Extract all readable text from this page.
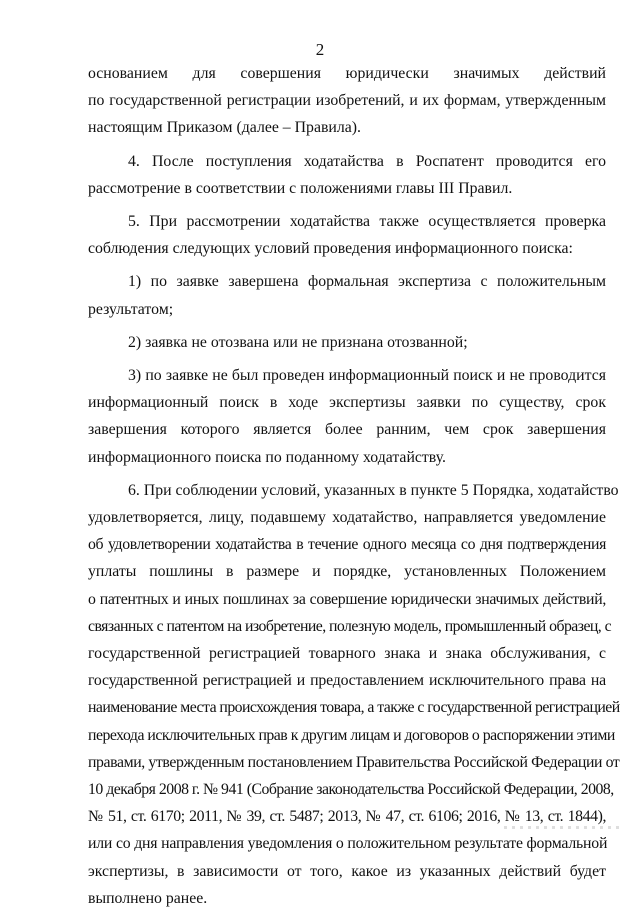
2

основанием для совершения юридически значимых действий
по государственной регистрации изобретений, и их формам, утвержденным
настоящим Приказом (далее – Правила).

4. После поступления ходатайства в Роспатент проводится его
рассмотрение в соответствии с положениями главы III Правил.

5. При рассмотрении ходатайства также осуществляется проверка
соблюдения следующих условий проведения информационного поиска:

1) по заявке завершена формальная экспертиза с положительным
результатом;

2) заявка не отозвана или не признана отозванной;

3) по заявке не был проведен информационный поиск и не проводится
информационный поиск в ходе экспертизы заявки по существу, срок
завершения которого является более ранним, чем срок завершения
информационного поиска по поданному ходатайству.

6. При соблюдении условий, указанных в пункте 5 Порядка, ходатайство
удовлетворяется, лицу, подавшему ходатайство, направляется уведомление
об удовлетворении ходатайства в течение одного месяца со дня подтверждения
уплаты пошлины в размере и порядке, установленных Положением
о патентных и иных пошлинах за совершение юридически значимых действий,
связанных с патентом на изобретение, полезную модель, промышленный образец, с
государственной регистрацией товарного знака и знака обслуживания, с
государственной регистрацией и предоставлением исключительного права на
наименование места происхождения товара, а также с государственной регистрацией
перехода исключительных прав к другим лицам и договоров о распоряжении этими
правами, утвержденным постановлением Правительства Российской Федерации от
10 декабря 2008 г. № 941 (Собрание законодательства Российской Федерации, 2008,
№ 51, ст. 6170; 2011, № 39, ст. 5487; 2013, № 47, ст. 6106; 2016, № 13, ст. 1844),
или со дня направления уведомления о положительном результате формальной
экспертизы, в зависимости от того, какое из указанных действий будет
выполнено ранее.
